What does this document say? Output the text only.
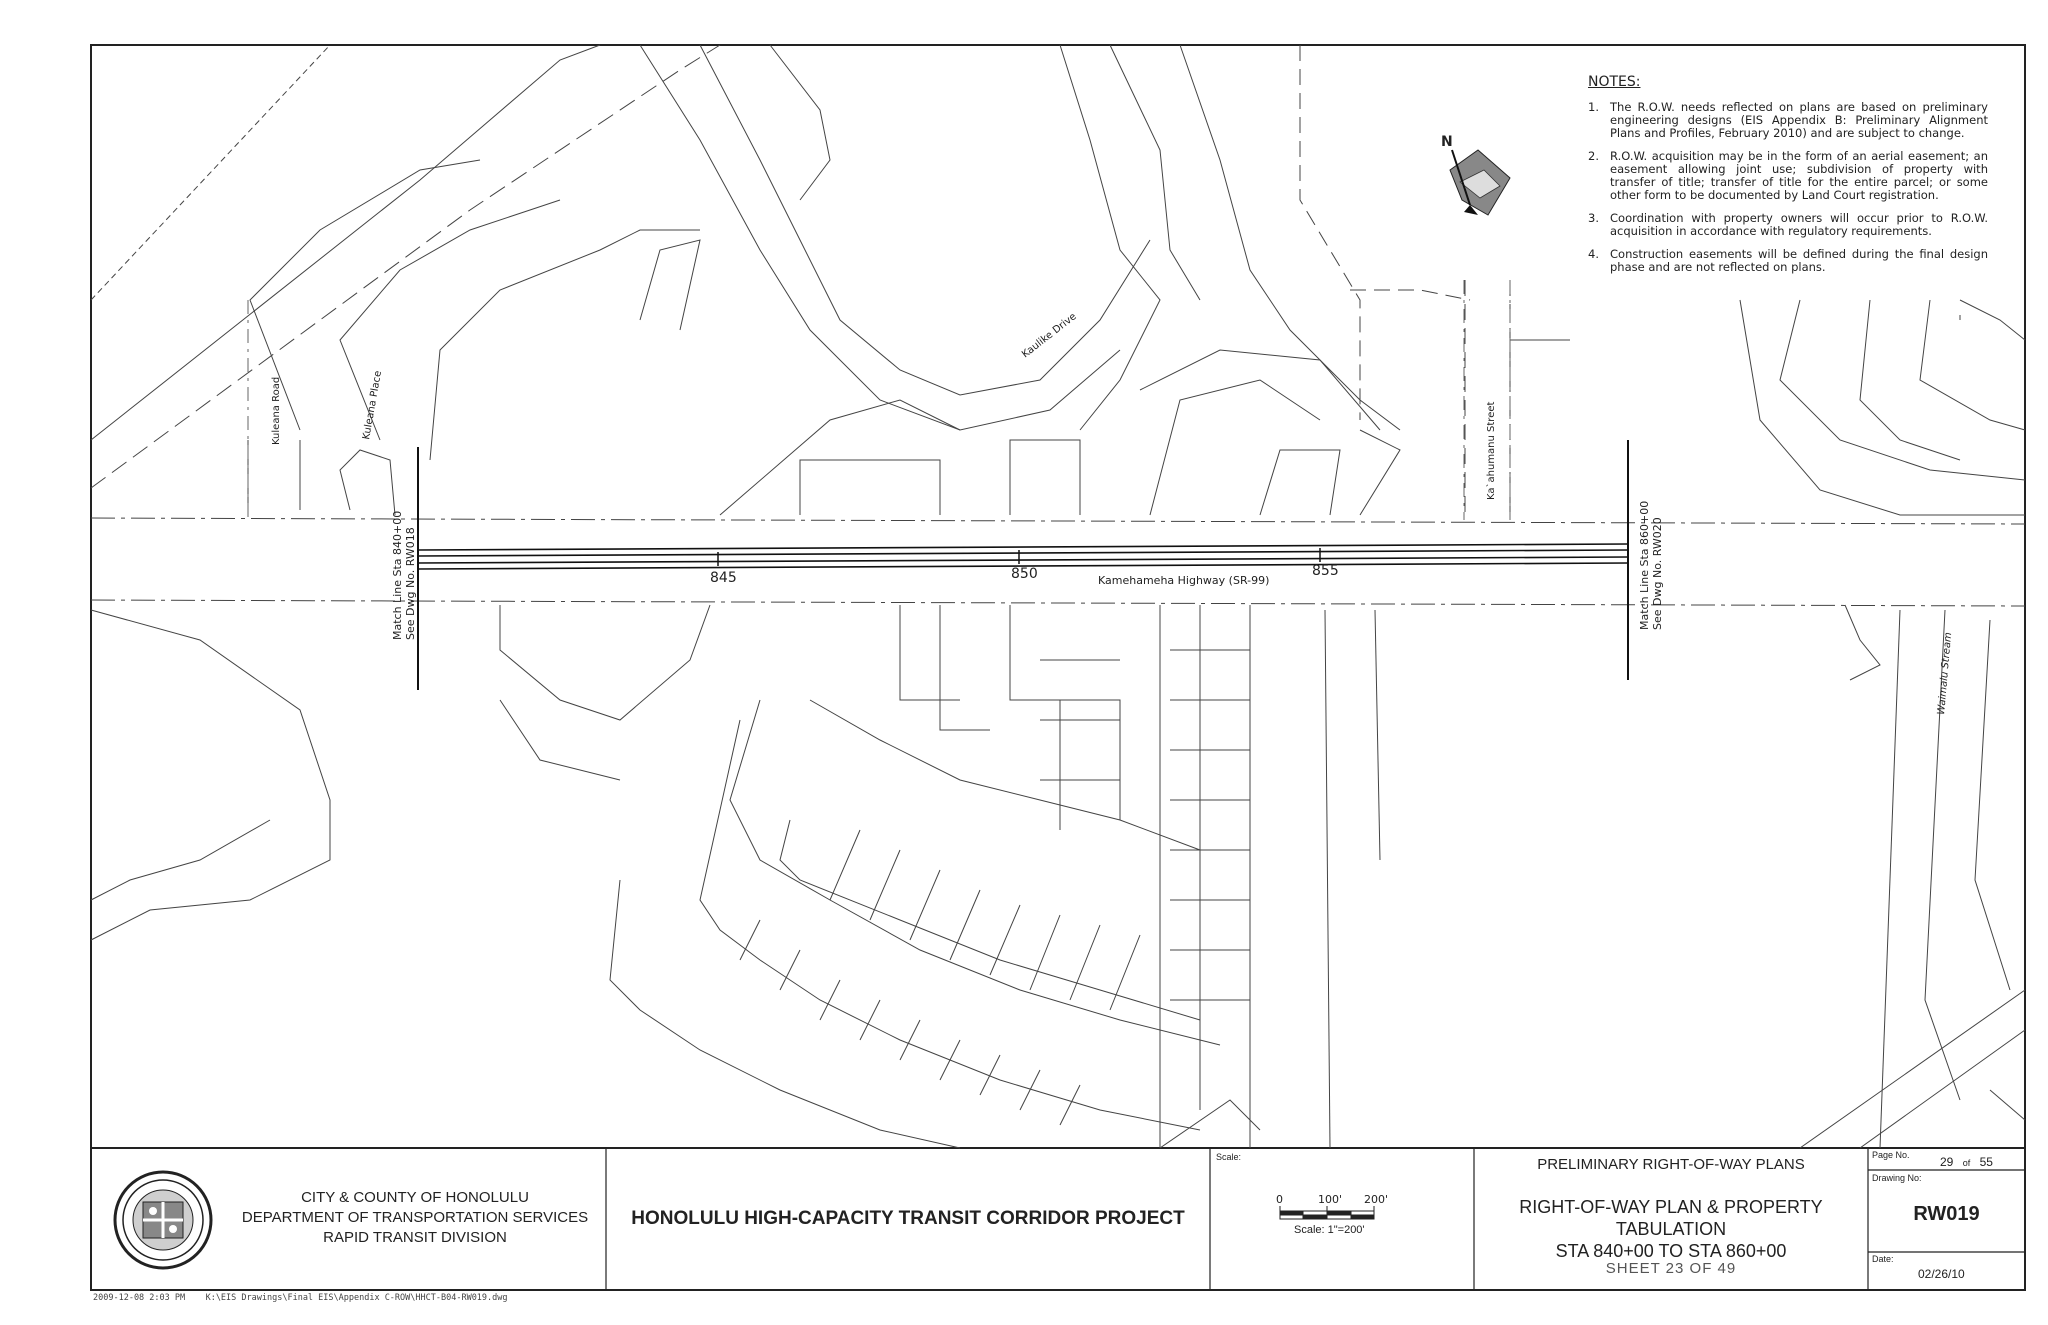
845	850	855
Kamehameha Highway (SR-99)
Kuleana Road	Kuleana Place
Kaulike Drive
Ka`ahumanu Street
Waimalu Stream
Match Line Sta 840+00 See Dwg No. RW018	Match Line Sta 860+00 See Dwg No. RW020
N
0	100' 200'
NOTES:
1. The R.O.W. needs reflected on plans are based on preliminary engineering designs (EIS Appendix B: Preliminary Alignment Plans and Profiles, February 2010) and are subject to change.
2. R.O.W. acquisition may be in the form of an aerial easement; an easement allowing joint use; subdivision of property with transfer of title; transfer of title for the entire parcel; or some other form to be documented by Land Court registration.
3. Coordination with property owners will occur prior to R.O.W. acquisition in accordance with regulatory requirements.
4. Construction easements will be defined during the final design phase and are not reflected on plans.
CITY & COUNTY OF HONOLULU
DEPARTMENT OF TRANSPORTATION SERVICES
RAPID TRANSIT DIVISION
HONOLULU HIGH-CAPACITY TRANSIT CORRIDOR PROJECT
Scale:
Scale: 1"=200'
PRELIMINARY RIGHT-OF-WAY PLANS
RIGHT-OF-WAY PLAN & PROPERTY TABULATION
STA 840+00 TO STA 860+00
SHEET 23 OF 49
Page No.	29 of 55
Drawing No:
RW019
Date:
02/26/10
2009-12-08 2:03 PM    K:\EIS Drawings\Final EIS\Appendix C-ROW\HHCT-B04-RW019.dwg
